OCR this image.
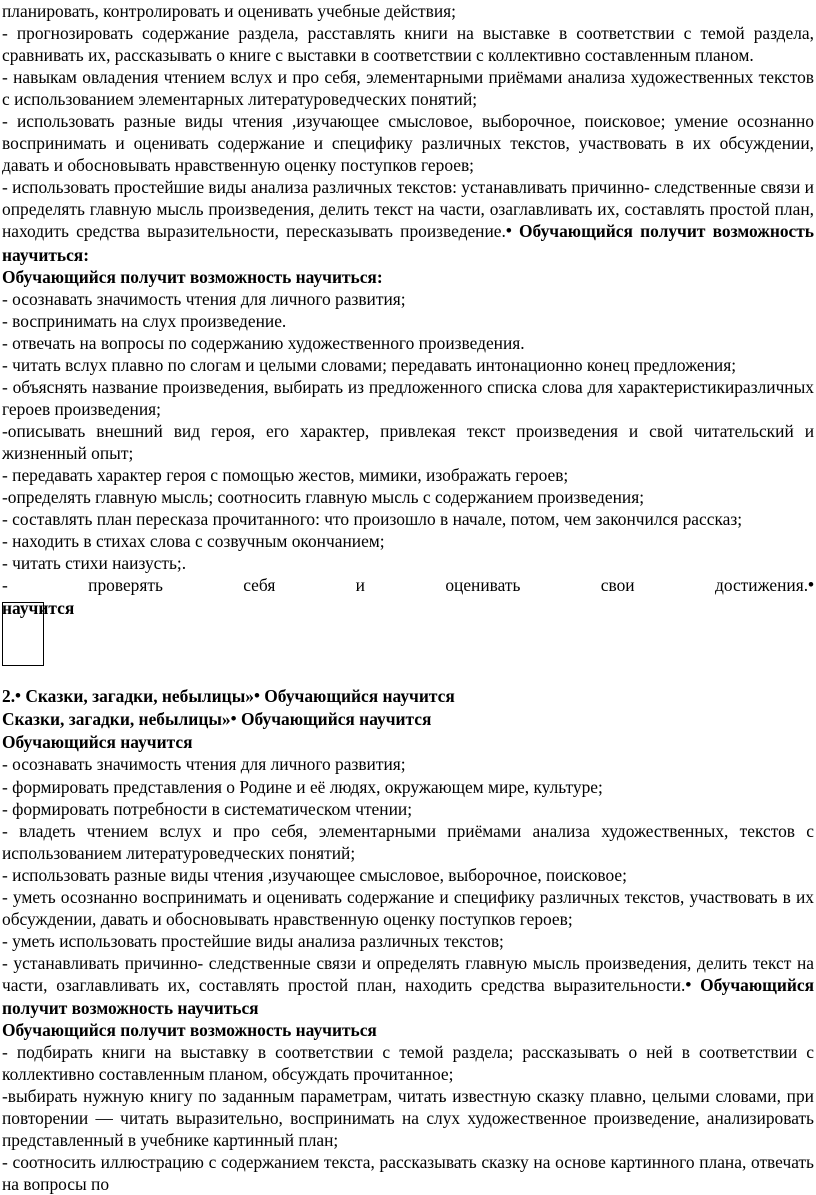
планировать, контролировать и оценивать учебные действия;

- прогнозировать содержание раздела, расставлять книги на выставке в соответствии с темой раздела, сравнивать их, рассказывать о книге с выставки в соответствии с коллективно составленным планом.

- навыкам овладения чтением вслух и про себя, элементарными приёмами анализа художественных текстов с использованием элементарных литературоведческих понятий;

- использовать разные виды чтения ,изучающее смысловое, выборочное, поисковое; умение осознанно воспринимать и оценивать содержание и специфику различных текстов, участвовать в их обсуждении, давать и обосновывать нравственную оценку поступков героев;

- использовать простейшие виды анализа различных текстов: устанавливать причинно- следственные связи и определять главную мысль произведения, делить текст на части, озаглавливать их, составлять простой план, находить средства выразительности, пересказывать произведение.• Обучающийся получит возможность научиться:

Обучающийся получит возможность научиться:

- осознавать значимость чтения для личного развития;

- воспринимать на слух произведение.

- отвечать на вопросы по содержанию художественного произведения.

- читать вслух плавно по слогам и целыми словами; передавать интонационно конец предложения;

- объяснять название произведения, выбирать из предложенного списка слова для характеристикиразличных героев произведения;

-описывать внешний вид героя, его характер, привлекая текст произведения и свой читательский и жизненный опыт;

- передавать характер героя с помощью жестов, мимики, изображать героев;

-определять главную мысль; соотносить главную мысль с содержанием произведения;

- составлять план пересказа прочитанного: что произошло в начале, потом, чем закончился рассказ;

- находить в стихах слова с созвучным окончанием;

- читать стихи наизусть;.

- проверять себя и оценивать свои достижения.•

научится

2.• Сказки, загадки, небылицы»• Обучающийся научится

Сказки, загадки, небылицы»• Обучающийся научится

Обучающийся научится

- осознавать значимость чтения для личного развития;

- формировать представления о Родине и её людях, окружающем мире, культуре;

- формировать потребности в систематическом чтении;

- владеть чтением вслух и про себя, элементарными приёмами анализа художественных, текстов с использованием литературоведческих понятий;

- использовать разные виды чтения ,изучающее смысловое, выборочное, поисковое;

- уметь осознанно воспринимать и оценивать содержание и специфику различных текстов, участвовать в их обсуждении, давать и обосновывать нравственную оценку поступков героев;

- уметь использовать простейшие виды анализа различных текстов;

- устанавливать причинно- следственные связи и определять главную мысль произведения, делить текст на части, озаглавливать их, составлять простой план, находить средства выразительности.• Обучающийся получит возможность научиться

Обучающийся получит возможность научиться

- подбирать книги на выставку в соответствии с темой раздела; рассказывать о ней в соответствии с коллективно составленным планом, обсуждать прочитанное;

-выбирать нужную книгу по заданным параметрам, читать известную сказку плавно, целыми словами, при повторении — читать выразительно, воспринимать на слух художественное произведение, анализировать представленный в учебнике картинный план;

- соотносить иллюстрацию с содержанием текста, рассказывать сказку на основе картинного плана, отвечать на вопросы по
